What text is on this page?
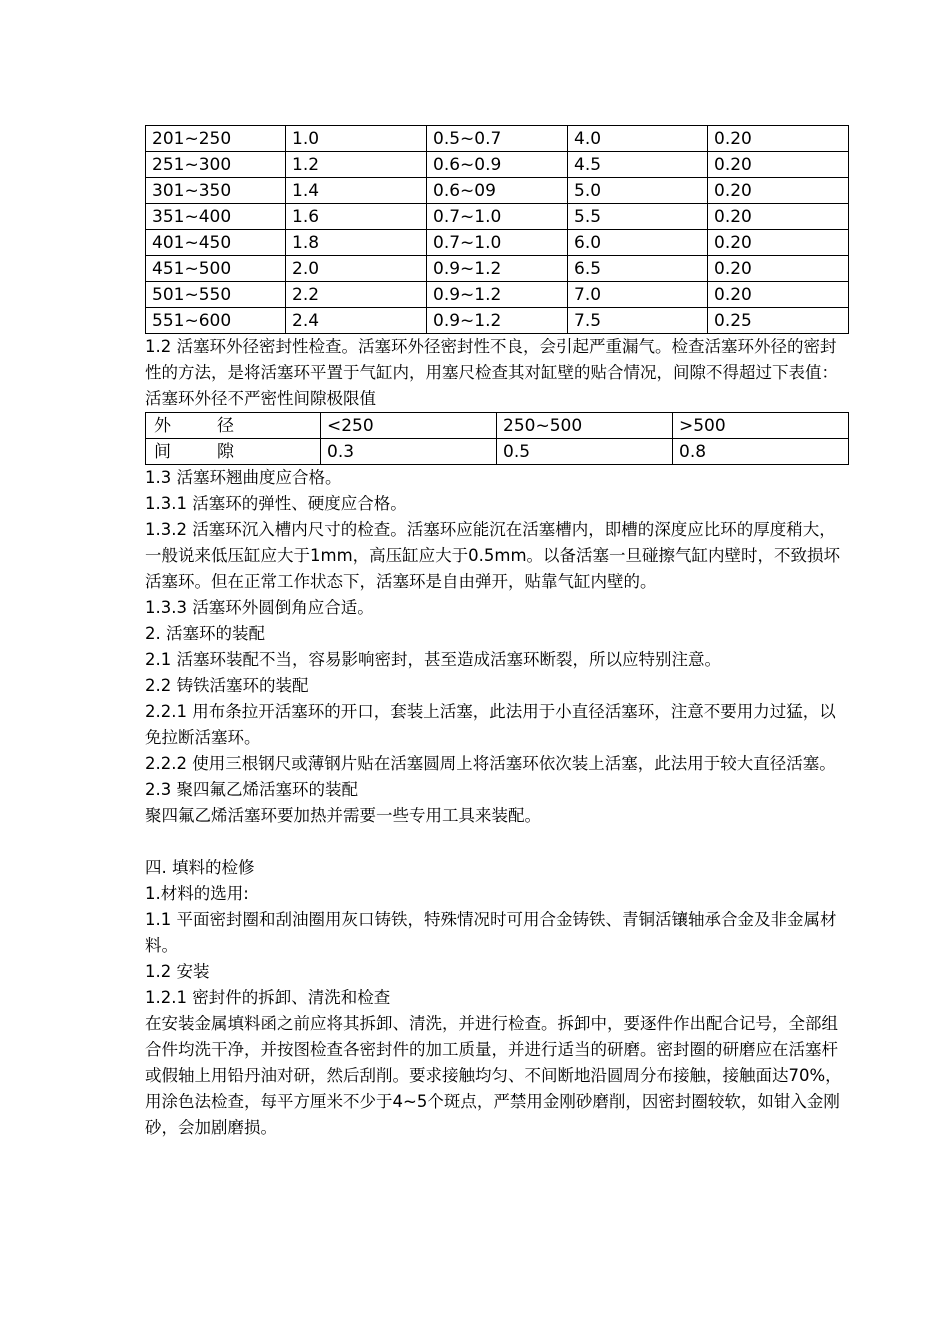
201~250	1.0	0.5~0.7	4.0	0.20
251~300	1.2	0.6~0.9	4.5	0.20
301~350	1.4	0.6~09	5.0	0.20
351~400	1.6	0.7~1.0	5.5	0.20
401~450	1.8	0.7~1.0	6.0	0.20
451~500	2.0	0.9~1.2	6.5	0.20
501~550	2.2	0.9~1.2	7.0	0.20
551~600	2.4	0.9~1.2	7.5	0.25

1.2 活塞环外径密封性检查。活塞环外径密封性不良，会引起严重漏气。检查活塞环外径的密封性的方法，是将活塞环平置于气缸内，用塞尺检查其对缸壁的贴合情况，间隙不得超过下表值：

活塞环外径不严密性间隙极限值

外 径	<250	250~500	>500

间 隙	0.3	0.5	0.8

1.3 活塞环翘曲度应合格。

1.3.1 活塞环的弹性、硬度应合格。

1.3.2 活塞环沉入槽内尺寸的检查。活塞环应能沉在活塞槽内，即槽的深度应比环的厚度稍大，一般说来低压缸应大于1mm，高压缸应大于0.5mm。以备活塞一旦碰擦气缸内壁时，不致损坏活塞环。但在正常工作状态下，活塞环是自由弹开，贴靠气缸内壁的。

1.3.3 活塞环外圆倒角应合适。

2. 活塞环的装配

2.1 活塞环装配不当，容易影响密封，甚至造成活塞环断裂，所以应特别注意。

2.2 铸铁活塞环的装配

2.2.1 用布条拉开活塞环的开口，套装上活塞，此法用于小直径活塞环，注意不要用力过猛，以免拉断活塞环。

2.2.2 使用三根钢尺或薄钢片贴在活塞圆周上将活塞环依次装上活塞，此法用于较大直径活塞。

2.3 聚四氟乙烯活塞环的装配

聚四氟乙烯活塞环要加热并需要一些专用工具来装配。

四. 填料的检修

1.材料的选用:

1.1 平面密封圈和刮油圈用灰口铸铁，特殊情况时可用合金铸铁、青铜活镶轴承合金及非金属材料。

1.2 安装

1.2.1 密封件的拆卸、清洗和检查

在安装金属填料函之前应将其拆卸、清洗，并进行检查。拆卸中，要逐件作出配合记号，全部组合件均洗干净，并按图检查各密封件的加工质量，并进行适当的研磨。密封圈的研磨应在活塞杆或假轴上用铅丹油对研，然后刮削。要求接触均匀、不间断地沿圆周分布接触，接触面达70%，用涂色法检查，每平方厘米不少于4~5个斑点，严禁用金刚砂磨削，因密封圈较软，如钳入金刚砂，会加剧磨损。
